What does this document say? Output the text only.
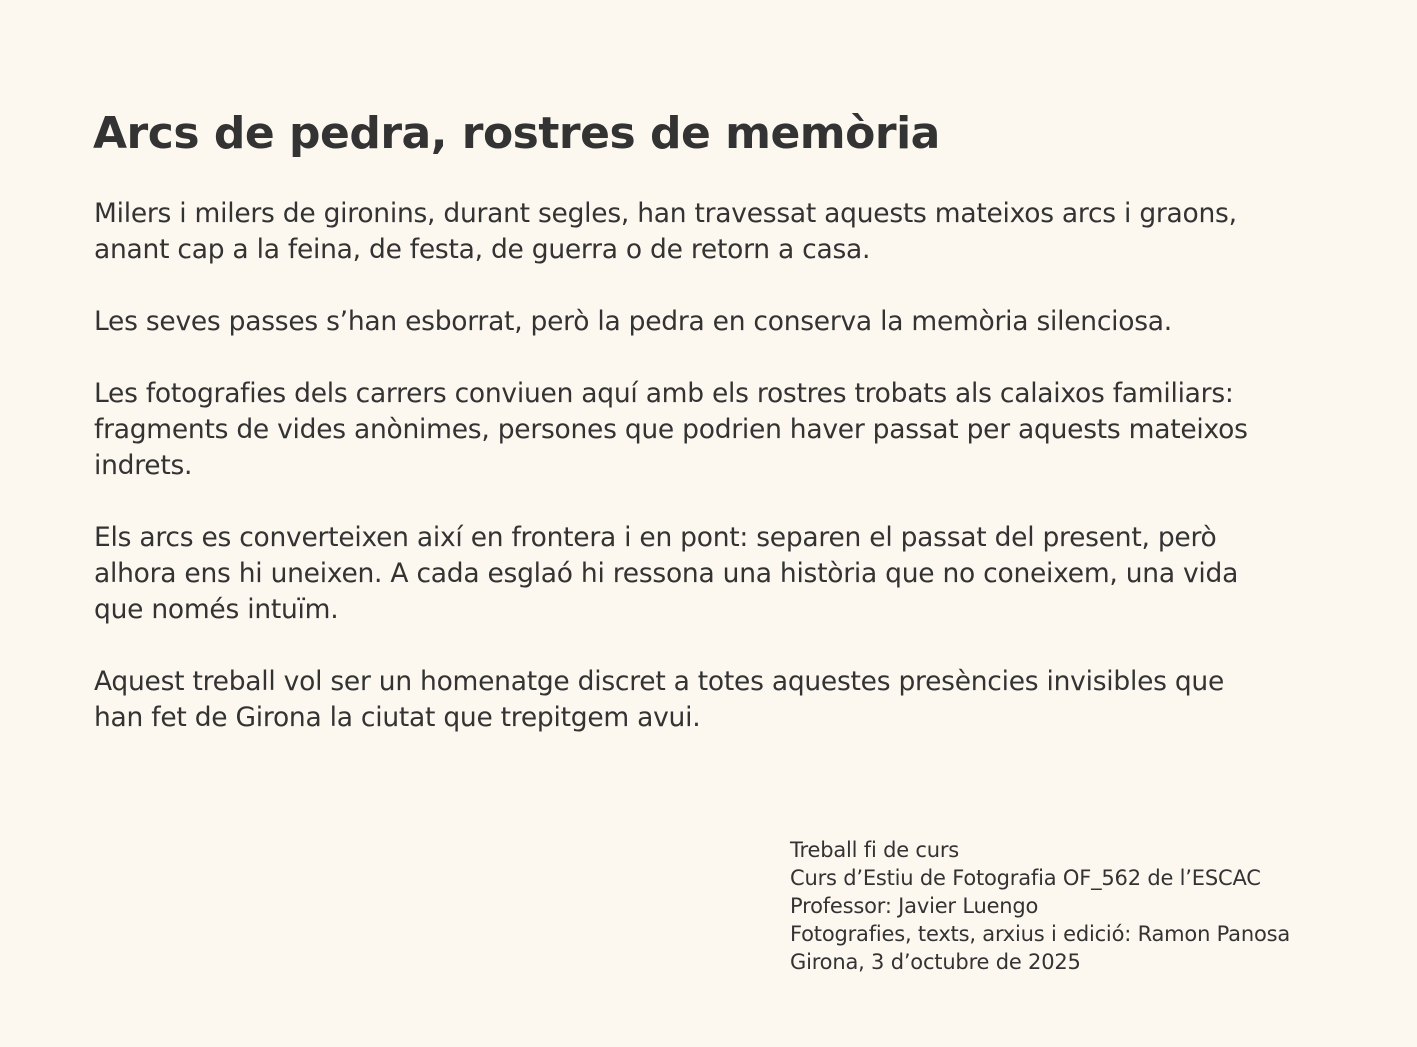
Arcs de pedra, rostres de memòria

Milers i milers de gironins, durant segles, han travessat aquests mateixos arcs i graons,
anant cap a la feina, de festa, de guerra o de retorn a casa.

Les seves passes s’han esborrat, però la pedra en conserva la memòria silenciosa.

Les fotografies dels carrers conviuen aquí amb els rostres trobats als calaixos familiars:
fragments de vides anònimes, persones que podrien haver passat per aquests mateixos
indrets.

Els arcs es converteixen així en frontera i en pont: separen el passat del present, però
alhora ens hi uneixen. A cada esglaó hi ressona una història que no coneixem, una vida
que només intuïm.

Aquest treball vol ser un homenatge discret a totes aquestes presències invisibles que
han fet de Girona la ciutat que trepitgem avui.

Treball fi de curs
Curs d’Estiu de Fotografia OF_562 de l’ESCAC
Professor: Javier Luengo
Fotografies, texts, arxius i edició: Ramon Panosa
Girona, 3 d’octubre de 2025
